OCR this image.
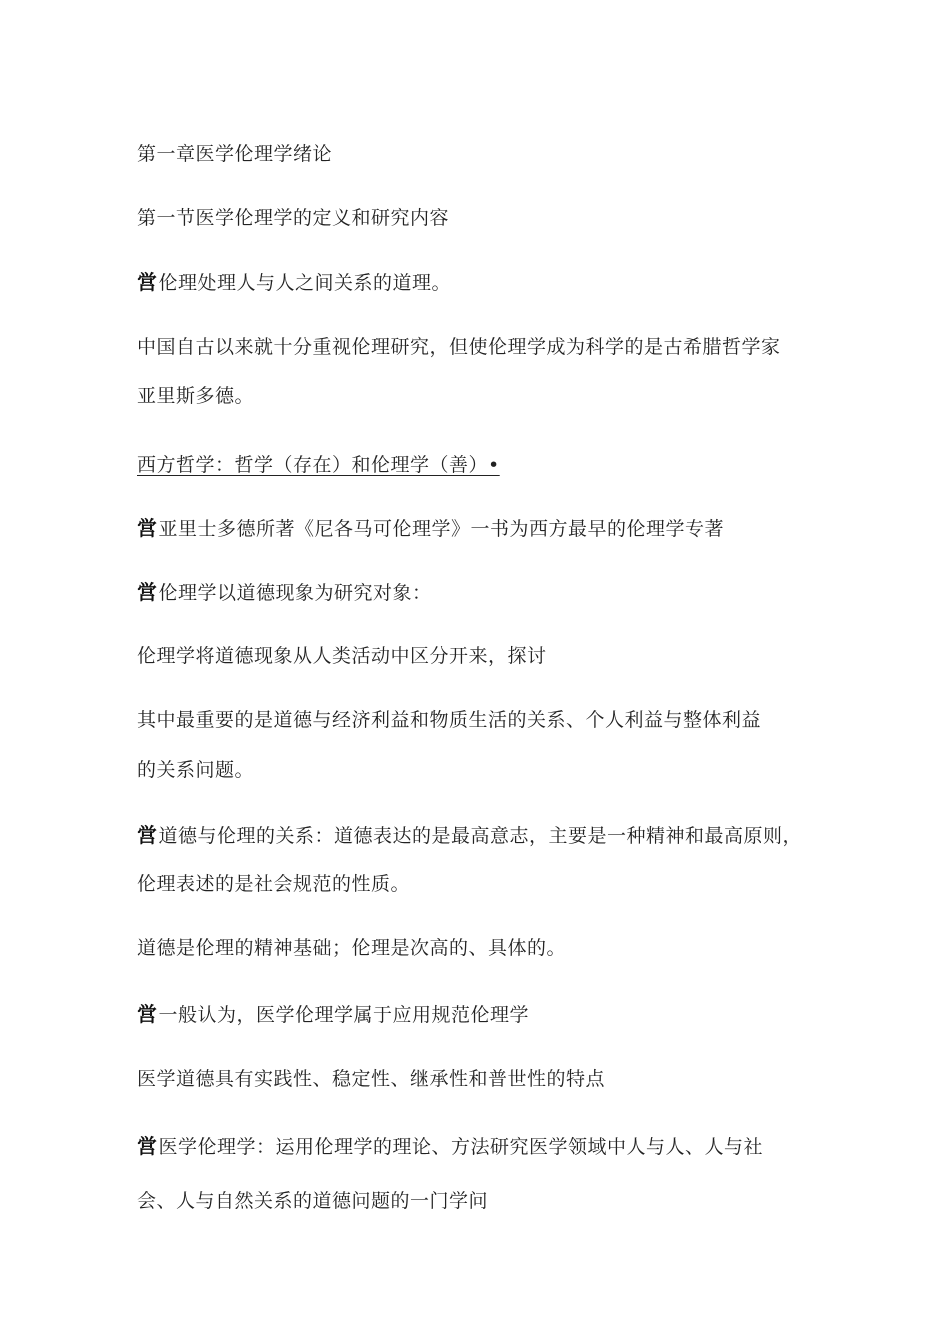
第一章医学伦理学绪论
第一节医学伦理学的定义和研究内容
営伦理处理人与人之间关系的道理。
中国自古以来就十分重视伦理研究，但使伦理学成为科学的是古希腊哲学家
亚里斯多德。
西方哲学：哲学（存在）和伦理学（善）•
営亚里士多德所著《尼各马可伦理学》一书为西方最早的伦理学专著
営伦理学以道德现象为研究对象：
伦理学将道德现象从人类活动中区分开来，探讨
其中最重要的是道德与经济利益和物质生活的关系、个人利益与整体利益
的关系问题。
営道德与伦理的关系：道德表达的是最高意志，主要是一种精神和最高原则，
伦理表述的是社会规范的性质。
道德是伦理的精神基础；伦理是次高的、具体的。
営一般认为，医学伦理学属于应用规范伦理学
医学道德具有实践性、稳定性、继承性和普世性的特点
営医学伦理学：运用伦理学的理论、方法研究医学领域中人与人、人与社
会、人与自然关系的道德问题的一门学问
